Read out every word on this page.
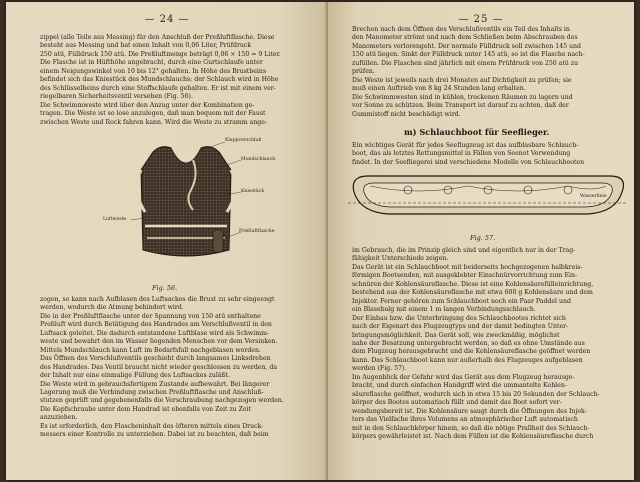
— 24 —

zippel (alle Teile aus Messing) für den Anschluß der Preßluftflasche. Diese

besteht aus Messing und hat einen Inhalt von 0,06 Liter, Prüfdruck

250 atü, Fülldruck 150 atü. Die Preßluftmenge beträgt 0,06 × 150 = 9 Liter.

Die Flasche ist in Hüfthöhe angebracht, durch eine Gurtschlaufe unter

einem Neigungswinkel von 10 bis 12° gehalten. In Höhe des Brustbeins

befindet sich das Kniestück des Mundschlauchs; der Schlauch wird in Höhe

des Schlüsselbeins durch eine Stoffschlaufe gehalten. Er ist mit einem ver-

riegelbaren Sicherheitsventil versehen (Fig. 56).

Die Schwimmweste wird über den Anzug unter der Kombination ge-

tragen. Die Weste ist so lose anzulegen, daß man bequem mit der Faust

zwischen Weste und Rock fahren kann. Wird die Weste zu stramm ange-

Klappverschluß
Mundschlauch
Kniestück
Preßluftflasche
Luftweste
Fig. 56.

zogen, so kann nach Aufblasen des Luftsackes die Brust zu sehr eingeengt

werden, wodurch die Atmung behindert wird.

Die in der Preßluftflasche unter der Spannung von 150 atü enthaltene

Preßluft wird durch Betätigung des Handrades am Verschlußventil in den

Luftsack geleitet. Die dadurch entstandene Luftblase wird als Schwimm-

weste und bewahrt den im Wasser liegenden Menschen vor dem Versinken.

Mittels Mundschlauch kann Luft im Bedarfsfall nachgeblasen werden.

Das Öffnen des Verschlußventils geschieht durch langsames Linksdrehen

des Handrades. Das Ventil braucht nicht wieder geschlossen zu werden, da

der Inhalt nur eine einmalige Füllung des Luftsackes zuläßt.

Die Weste wird in gebrauchsfertigem Zustande aufbewahrt. Bei längerer

Lagerung muß die Verbindung zwischen Preßluftflasche und Anschluß-

stutzen geprüft und gegebenenfalls die Verschraubung nachgezogen werden.

Die Kopfschraube unter dem Handrad ist ebenfalls von Zeit zu Zeit

anzuziehen.

Es ist erforderlich, den Flascheninhalt des öfteren mittels eines Druck-

messers einer Kontrolle zu unterziehen. Dabei ist zu beachten, daß beim

— 25 —

Brechen nach dem Öffnen des Verschlußventils ein Teil des Inhalts in

den Manometer strömt und nach dem Schließen beim Abschrauben des

Manometers verlorengeht. Der normale Fülldruck soll zwischen 145 und

150 atü liegen. Sinkt der Fülldruck unter 145 atü, so ist die Flasche nach-

zufüllen. Die Flaschen sind jährlich mit einem Prüfdruck von 250 atü zu

prüfen.

Die Weste ist jeweils nach drei Monaten auf Dichtigkeit zu prüfen; sie

muß einen Auftrieb von 8 kg 24 Stunden lang erhalten.

Die Schwimmwesten sind in kühlen, trockenen Räumen zu lagern und

vor Sonne zu schützen. Beim Transport ist darauf zu achten, daß der

Gummistoff nicht beschädigt wird.

m) Schlauchboot für Seeflieger.

Ein wichtiges Gerät für jedes Seeflugzeug ist das aufblasbare Schlauch-

boot, das als letztes Rettungsmittel in Fällen von Seenot Verwendung

findet. In der Seefliegerei sind verschiedene Modelle von Schlauchbooten

Wasserlinie
Fig. 57.

im Gebrauch, die im Prinzip gleich sind und eigentlich nur in der Trag-

fähigkeit Unterschiede zeigen.

Das Gerät ist ein Schlauchboot mit beiderseits hochgezogenen halbkreis-

förmigen Bootsenden, mit ausgeklebter Einschnürvorrichtung zum Ein-

schnüren der Kohlensäureflasche. Diese ist eine Kohlensäurefülleinrichtung,

bestehend aus der Kohlensäureflasche mit etwa 600 g Kohlensäure und dem

Injektor. Ferner gehören zum Schlauchboot noch ein Paar Paddel und

ein Blasebalg mit einem 1 m langen Verbindungsschlauch.

Der Einbau bzw. die Unterbringung des Schlauchbootes richtet sich

nach der Eigenart des Flugzeugtyps und der damit bedingten Unter-

bringungsmöglichkeit. Das Gerät soll, wie zweckmäßig, möglichst

nahe der Besatzung untergebracht werden, so daß es ohne Umstände aus

dem Flugzeug herausgebracht und die Kohlensäureflasche geöffnet werden

kann. Das Schlauchboot kann nur außerhalb des Flugzeuges aufgeblasen

werden (Fig. 57).

Im Augenblick der Gefahr wird das Gerät aus dem Flugzeug herausge-

bracht, und durch einfachen Handgriff wird die ummantelte Kohlen-

säureflasche geöffnet, wodurch sich in etwa 15 bis 20 Sekunden der Schlauch-

körper des Bootes automatisch füllt und damit das Boot sofort ver-

wendungsbereit ist. Die Kohlensäure saugt durch die Öffnungen des Injek-

tors das Vielfache ihres Volumens an atmosphärischer Luft automatisch

mit in den Schlauchkörper hinein, so daß die nötige Prallheit des Schlauch-

körpers gewährleistet ist. Nach dem Füllen ist die Kohlensäureflasche durch
